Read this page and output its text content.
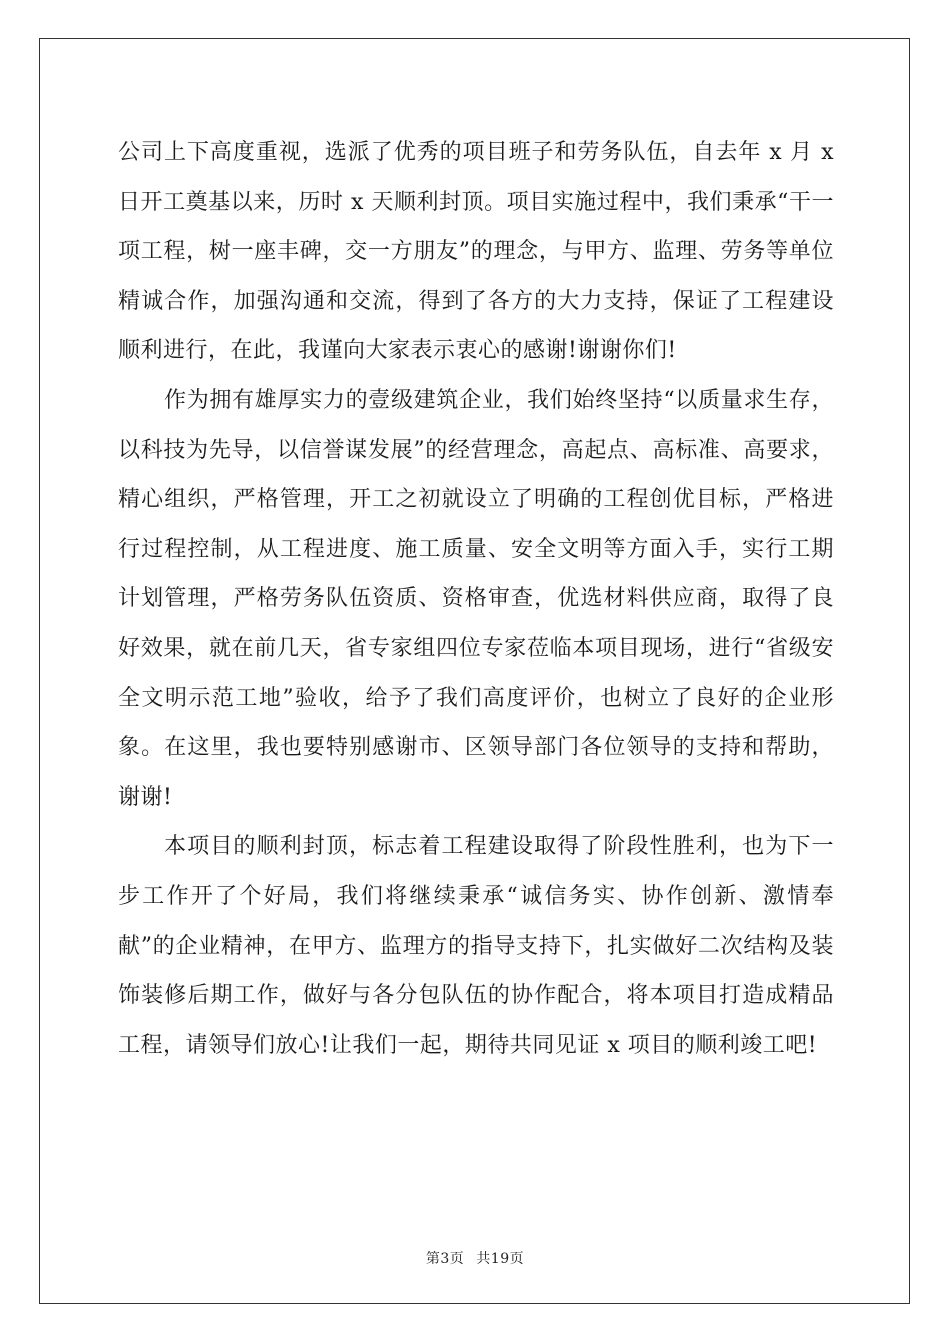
公司上下高度重视，选派了优秀的项目班子和劳务队伍，自去年 x 月 x 日开工奠基以来，历时 x 天顺利封顶。项目实施过程中，我们秉承“干一项工程，树一座丰碑，交一方朋友”的理念，与甲方、监理、劳务等单位精诚合作，加强沟通和交流，得到了各方的大力支持，保证了工程建设顺利进行，在此，我谨向大家表示衷心的感谢!谢谢你们!

作为拥有雄厚实力的壹级建筑企业，我们始终坚持“以质量求生存，以科技为先导，以信誉谋发展”的经营理念，高起点、高标准、高要求，精心组织，严格管理，开工之初就设立了明确的工程创优目标，严格进行过程控制，从工程进度、施工质量、安全文明等方面入手，实行工期计划管理，严格劳务队伍资质、资格审查，优选材料供应商，取得了良好效果，就在前几天，省专家组四位专家莅临本项目现场，进行“省级安全文明示范工地”验收，给予了我们高度评价，也树立了良好的企业形象。在这里，我也要特别感谢市、区领导部门各位领导的支持和帮助，谢谢!

本项目的顺利封顶，标志着工程建设取得了阶段性胜利，也为下一步工作开了个好局，我们将继续秉承“诚信务实、协作创新、激情奉献”的企业精神，在甲方、监理方的指导支持下，扎实做好二次结构及装饰装修后期工作，做好与各分包队伍的协作配合，将本项目打造成精品工程，请领导们放心!让我们一起，期待共同见证 x 项目的顺利竣工吧!

第3页 共19页
